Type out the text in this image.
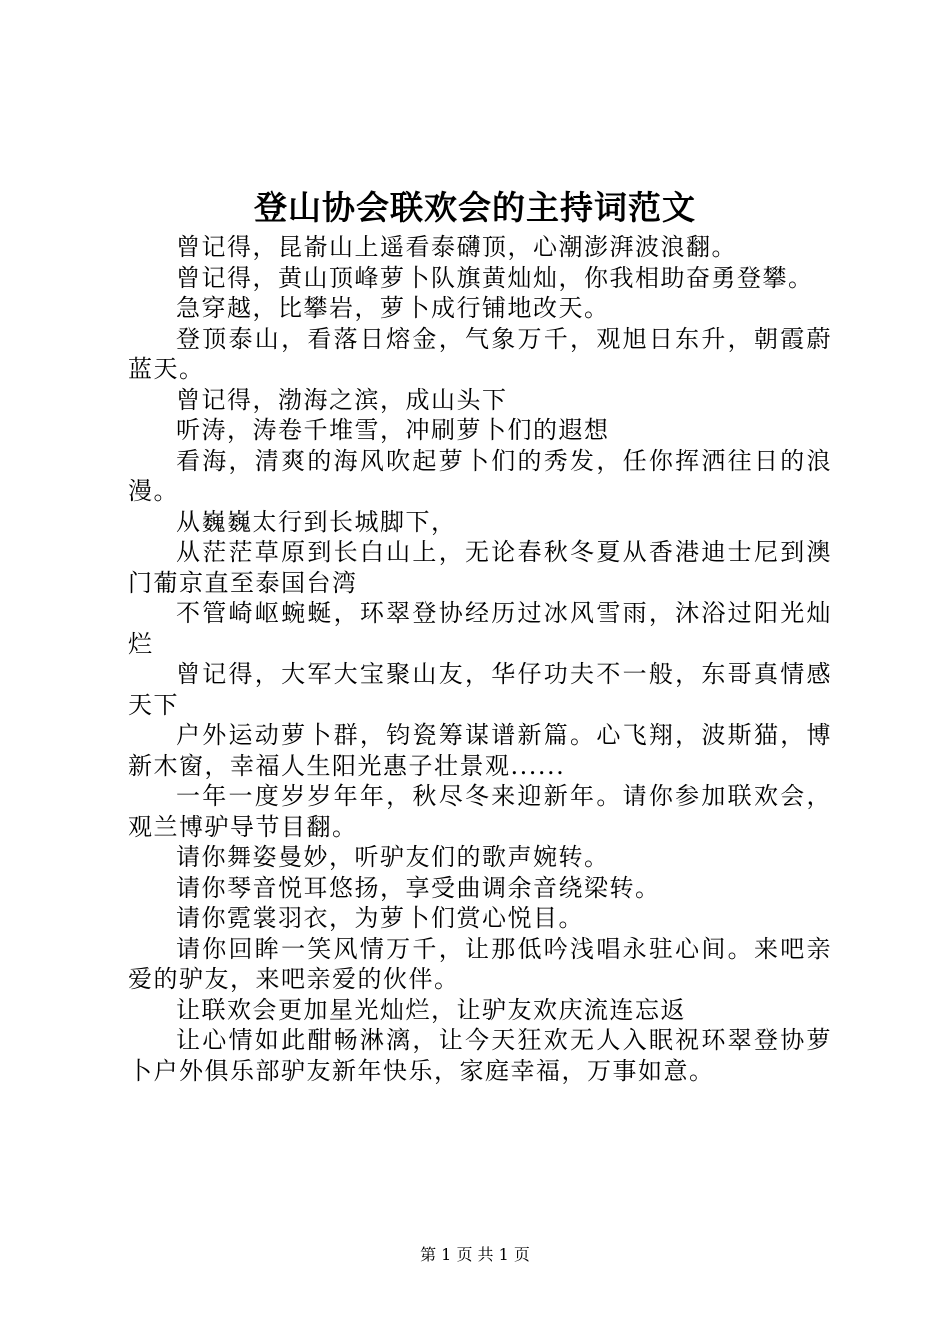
登山协会联欢会的主持词范文

曾记得，昆嵛山上遥看泰礴顶，心潮澎湃波浪翻。

曾记得，黄山顶峰萝卜队旗黄灿灿，你我相助奋勇登攀。

急穿越，比攀岩，萝卜成行铺地改天。

登顶泰山，看落日熔金，气象万千，观旭日东升，朝霞蔚蓝天。

曾记得，渤海之滨，成山头下

听涛，涛卷千堆雪，冲刷萝卜们的遐想

看海，清爽的海风吹起萝卜们的秀发，任你挥洒往日的浪漫。

从巍巍太行到长城脚下，

从茫茫草原到长白山上，无论春秋冬夏从香港迪士尼到澳门葡京直至泰国台湾

不管崎岖蜿蜒，环翠登协经历过冰风雪雨，沐浴过阳光灿烂

曾记得，大军大宝聚山友，华仔功夫不一般，东哥真情感天下

户外运动萝卜群，钧瓷筹谋谱新篇。心飞翔，波斯猫，博新木窗，幸福人生阳光惠子壮景观......

一年一度岁岁年年，秋尽冬来迎新年。请你参加联欢会，观兰博驴导节目翻。

请你舞姿曼妙，听驴友们的歌声婉转。

请你琴音悦耳悠扬，享受曲调余音绕梁转。

请你霓裳羽衣，为萝卜们赏心悦目。

请你回眸一笑风情万千，让那低吟浅唱永驻心间。来吧亲爱的驴友，来吧亲爱的伙伴。

让联欢会更加星光灿烂，让驴友欢庆流连忘返

让心情如此酣畅淋漓，让今天狂欢无人入眠祝环翠登协萝卜户外俱乐部驴友新年快乐，家庭幸福，万事如意。

第 1 页 共 1 页
